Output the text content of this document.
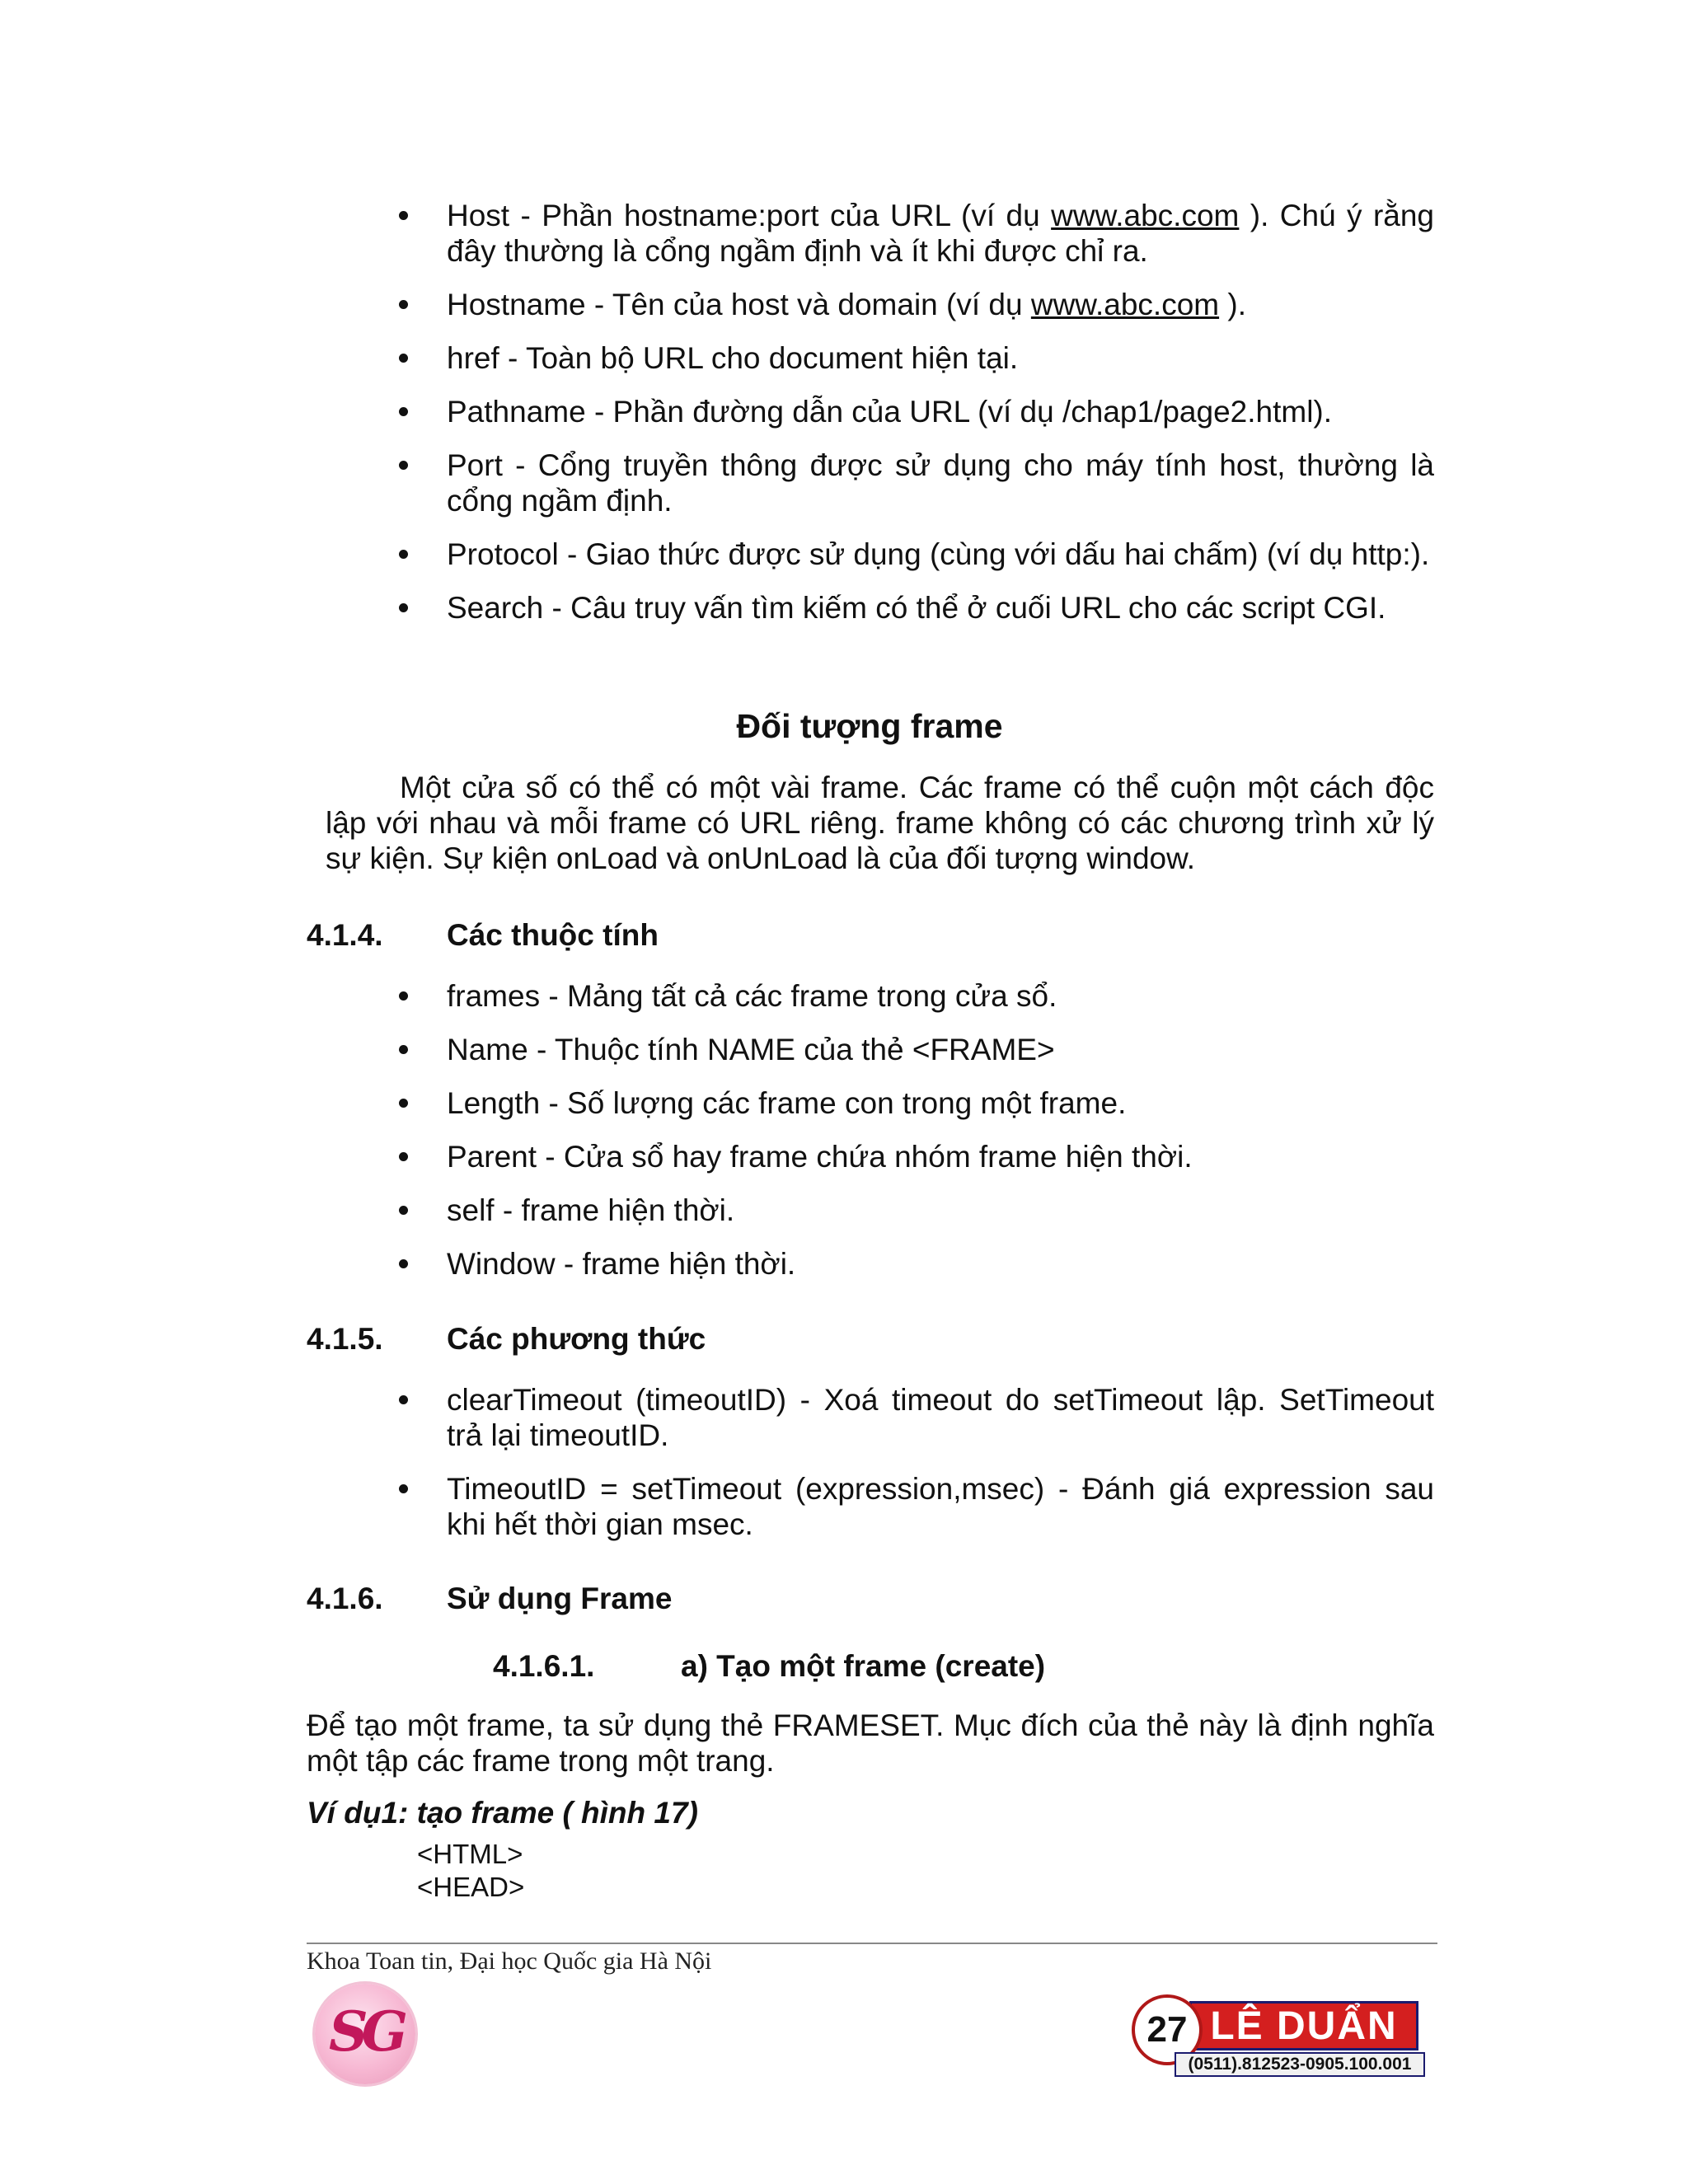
Host - Phần hostname:port của URL (ví dụ www.abc.com ). Chú ý rằng đây thường là cổng ngầm định và ít khi được chỉ ra.
Hostname - Tên của host và domain (ví dụ www.abc.com ).
href - Toàn bộ URL cho document hiện tại.
Pathname - Phần đường dẫn của URL (ví dụ /chap1/page2.html).
Port - Cổng truyền thông được sử dụng cho máy tính host, thường là cổng ngầm định.
Protocol - Giao thức được sử dụng (cùng với dấu hai chấm) (ví dụ http:).
Search - Câu truy vấn tìm kiếm có thể ở cuối URL cho các script CGI.
Đối tượng frame

Một cửa số có thể có một vài frame. Các frame có thể cuộn một cách độc lập với nhau và mỗi frame có URL riêng. frame không có các chương trình xử lý sự kiện. Sự kiện onLoad và onUnLoad là của đối tượng window.

4.1.4. Các thuộc tính
frames - Mảng tất cả các frame trong cửa sổ.
Name - Thuộc tính NAME của thẻ <FRAME>
Length - Số lượng các frame con trong một frame.
Parent - Cửa sổ hay frame chứa nhóm frame hiện thời.
self - frame hiện thời.
Window - frame hiện thời.
4.1.5. Các phương thức
clearTimeout (timeoutID) - Xoá timeout do setTimeout lập. SetTimeout trả lại timeoutID.
TimeoutID = setTimeout (expression,msec) - Đánh giá expression sau khi hết thời gian msec.
4.1.6. Sử dụng Frame
4.1.6.1.	a) Tạo một frame (create)

Để tạo một frame, ta sử dụng thẻ FRAMESET. Mục đích của thẻ này là định nghĩa một tập các frame trong một trang.

Ví dụ1: tạo frame ( hình 17)
<HTML>
<HEAD>
Khoa Toan tin, Đại học Quốc gia Hà Nội
SG	LÊ DUẨN
27
(0511).812523-0905.100.001
